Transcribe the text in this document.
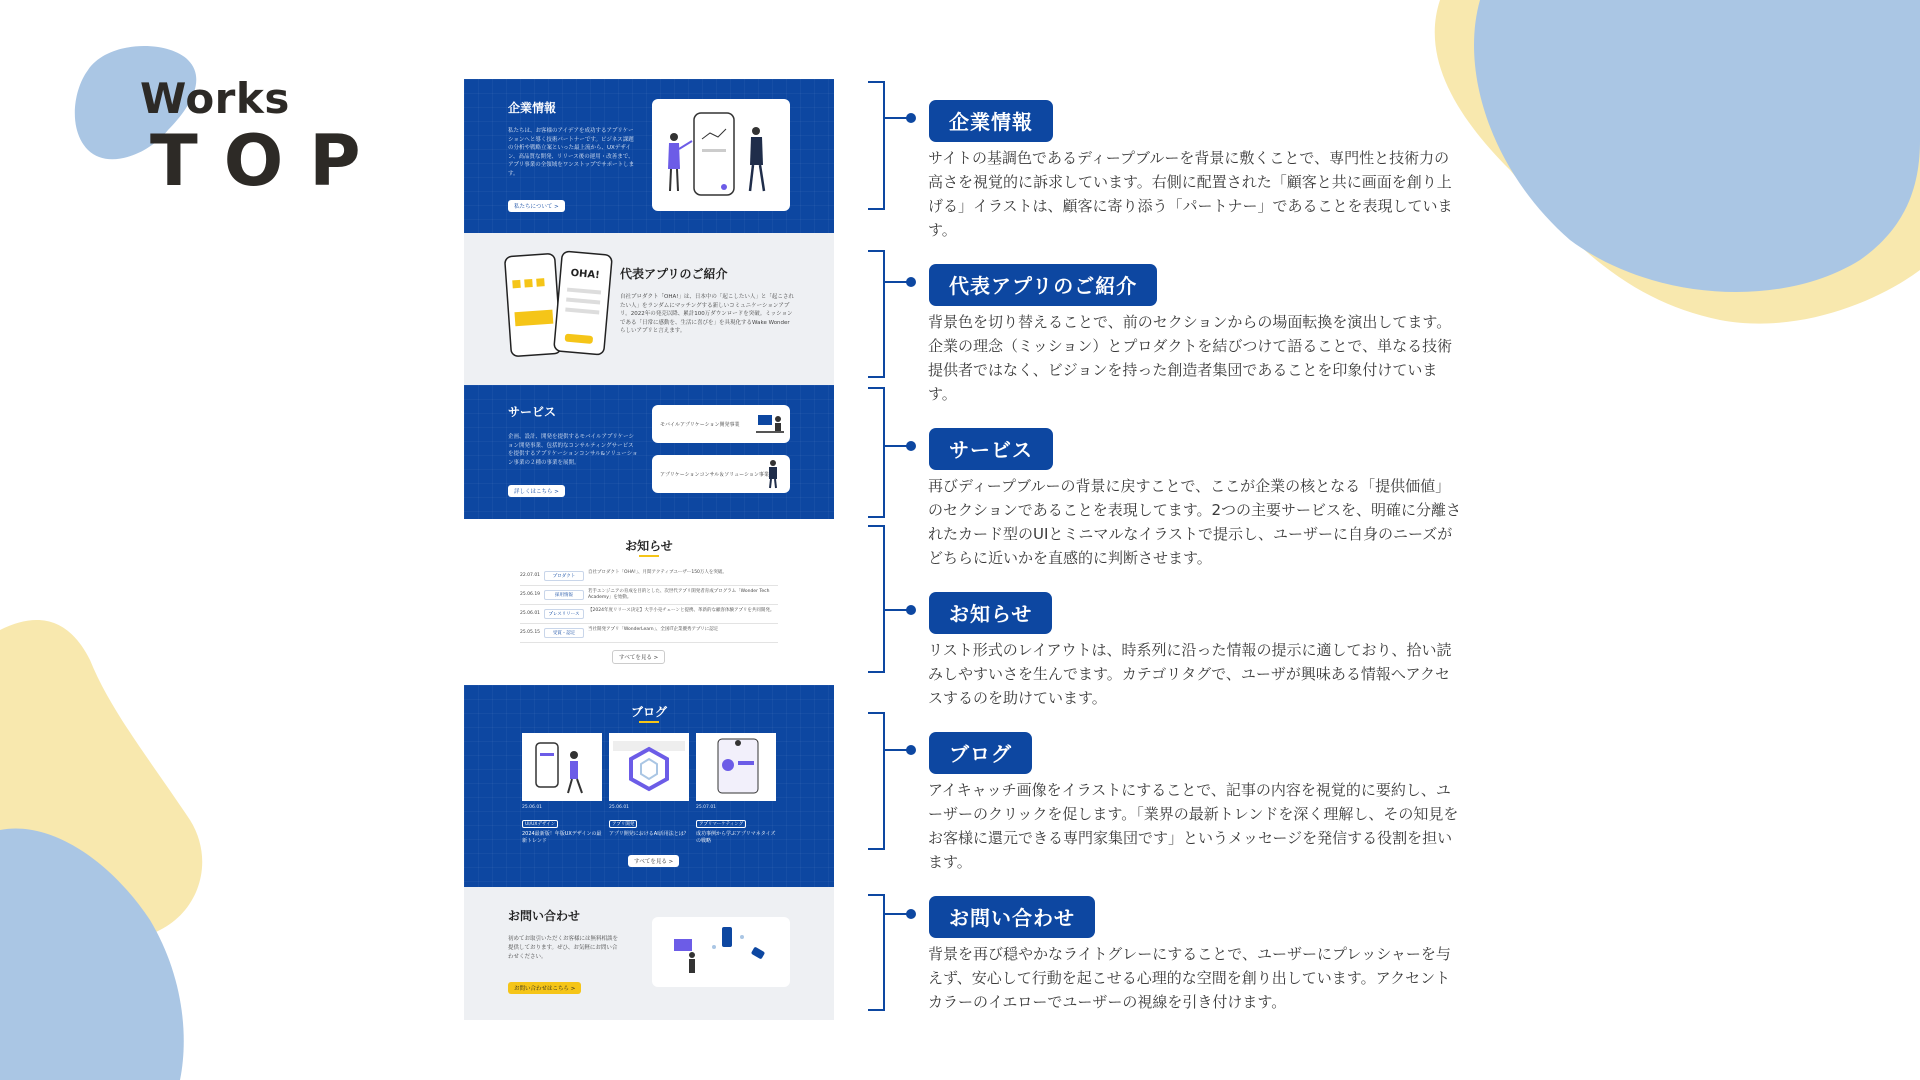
Works
TOP
企業情報
私たちは、お客様のアイデアを成功するアプリケーションへと導く技術パートナーです。ビジネス課題の分析や戦略立案といった最上流から、UXデザイン、高品質な開発、リリース後の運用・改善まで、アプリ事業の全領域をワンストップでサポートします。
私たちについて >
OHA! 代表アプリのご紹介
自社プロダクト「OHA!」は、日本中の「起こしたい人」と「起こされたい人」をランダムにマッチングする新しいコミュニケーションアプリ。2022年の発売以降、累計100万ダウンロードを突破。ミッションである「日常に感動を、生活に喜びを」を具現化するWake Wonderらしいアプリと言えます。
サービス
企画、設計、開発を提供するモバイルアプリケーション開発事業、包括的なコンサルティングサービスを提供するアプリケーションコンサル&ソリューション事業の２種の事業を展開。
詳しくはこちら >
モバイルアプリケーション開発事業
アプリケーションコンサル＆ソリューション事業
お知らせ
22.07.01	プロダクト
自社プロダクト「OHA!」、月間アクティブユーザー150万人を突破。
25.06.19	採用情報
若手エンジニアの育成を目的とした、次世代アプリ開発者育成プログラム「Wonder Tech Academy」を始動。
25.06.01	プレスリリース
【2024年度リリース決定】大手小売チェーンと提携、革新的な顧客体験アプリを共同開発。
25.05.15	受賞・認定
当社開発アプリ「WonderLearn」、全国IT企業優秀アプリに認定
すべてを見る >
ブログ
25.06.01
UI/UXデザイン
2024最新版！年版UXデザインの最新トレンド
25.06.01
アプリ開発
アプリ開発におけるAI活用法とは？
25.07.01
アプリマーケティング
成功事例から学ぶアプリマネタイズの戦略
すべてを見る >
お問い合わせ
初めてお取引いただくお客様には無料相談を提供しております。ぜひ、お気軽にお問い合わせください。
お問い合わせはこちら >
企業情報
サイトの基調色であるディープブルーを背景に敷くことで、専門性と技術力の高さを視覚的に訴求しています。右側に配置された「顧客と共に画面を創り上げる」イラストは、顧客に寄り添う「パートナー」であることを表現しています。
代表アプリのご紹介
背景色を切り替えることで、前のセクションからの場面転換を演出してます。企業の理念（ミッション）とプロダクトを結びつけて語ることで、単なる技術提供者ではなく、ビジョンを持った創造者集団であることを印象付けています。
サービス
再びディープブルーの背景に戻すことで、ここが企業の核となる「提供価値」のセクションであることを表現してます。2つの主要サービスを、明確に分離されたカード型のUIとミニマルなイラストで提示し、ユーザーに自身のニーズがどちらに近いかを直感的に判断させます。
お知らせ
リスト形式のレイアウトは、時系列に沿った情報の提示に適しており、拾い読みしやすいさを生んでます。カテゴリタグで、ユーザが興味ある情報へアクセスするのを助けています。
ブログ
アイキャッチ画像をイラストにすることで、記事の内容を視覚的に要約し、ユーザーのクリックを促します。「業界の最新トレンドを深く理解し、その知見をお客様に還元できる専門家集団です」というメッセージを発信する役割を担います。
お問い合わせ
背景を再び穏やかなライトグレーにすることで、ユーザーにプレッシャーを与えず、安心して行動を起こせる心理的な空間を創り出しています。アクセントカラーのイエローでユーザーの視線を引き付けます。
